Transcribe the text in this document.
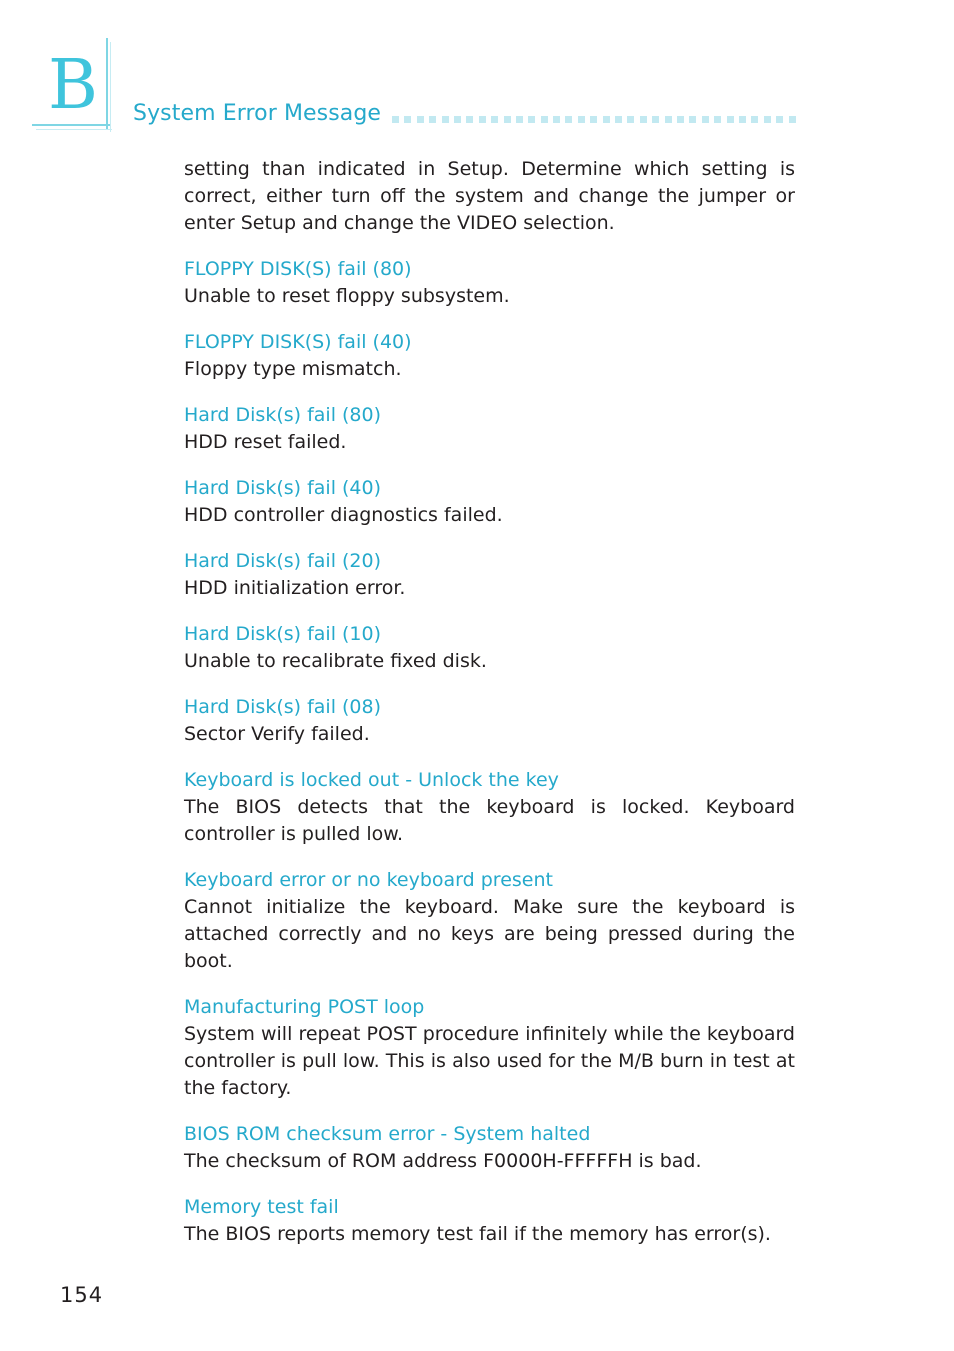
B System Error Message

setting than indicated in Setup. Determine which setting is correct, either turn off the system and change the jumper or enter Setup and change the VIDEO selection.

FLOPPY DISK(S) fail (80)

Unable to reset floppy subsystem.

FLOPPY DISK(S) fail (40)

Floppy type mismatch.

Hard Disk(s) fail (80)

HDD reset failed.

Hard Disk(s) fail (40)

HDD controller diagnostics failed.

Hard Disk(s) fail (20)

HDD initialization error.

Hard Disk(s) fail (10)

Unable to recalibrate fixed disk.

Hard Disk(s) fail (08)

Sector Verify failed.

Keyboard is locked out - Unlock the key

The BIOS detects that the keyboard is locked. Keyboard controller is pulled low.

Keyboard error or no keyboard present

Cannot initialize the keyboard. Make sure the keyboard is attached correctly and no keys are being pressed during the boot.

Manufacturing POST loop

System will repeat POST procedure infinitely while the keyboard controller is pull low. This is also used for the M/B burn in test at the factory.

BIOS ROM checksum error - System halted

The checksum of ROM address F0000H-FFFFFH is bad.

Memory test fail

The BIOS reports memory test fail if the memory has error(s).

154
